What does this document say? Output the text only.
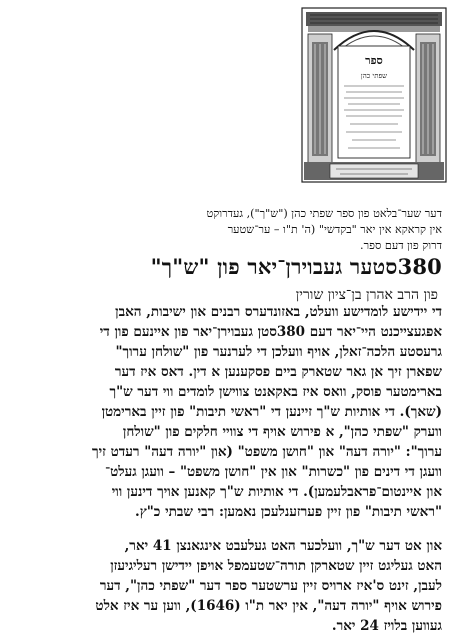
ספר
שפתי כהן
דער שער־בלאט פון ספר שפתי כהן ("ש"ך"), געדרוקט
אין קראקא אין יאר "בקדשי" (ה' ת"ו – ער־שטער
דרוק פון דעם ספר.
380סטער געבוירן־יאר פון "ש"ך"
פון הרב אהרן בן־ציון שורין
די יידישע לומדישע וועלט, באזונדערס רבנים און ישיבות, האבן
אפגעצייכנט היי־יאר דעם 380סטן געבוירן־יאר פון איינעם פון די
גרעסטע הלכה־זאלן, אויף וועלכן די לערנער פון "שולחן ערוך"
שפארן זיך אן גאר שטארק ביים פסקענען א דין. דאס איז דער
בארימטער פוסק, וואס איז באקאנט צווישן לומדים ווי דער ש"ך
(שאך). די אותיות ש"ך זיינען די "ראשי תיבות" פון זיין בארימטן
ווערק "שפתי כהן", א פירוש אויף די צוויי חלקים פון "שולחן
ערוך": "יורה דעה" און "חושן משפט" (און "יורה דעה" רעדט זיך
וועגן די דינים פון "כשרות" און אין "חושן משפט" – וועגן געלט־
און איינטום־פראבלעמען). די אותיות ש"ך קאנען אויך דינען ווי
"ראשי תיבות" פון זיין פערזענלעכן נאמען: רבי שבתי כ"ץ.
און אט דער ש"ך, וועלכער האט געלעבט אינגאנצן 41 יאר,
האט געליגט זיין שטארקן תורה־שטעמפל אויפן יידישן רעליגיעזן
לעבן, זינט ס'איז ארויס זיין ערשטער ספר דער "שפתי כהן", דער
פירוש אויף "יורה דעה", אין יאר ת"ו (1646), ווען ער איז אלט
געווען בלויז 24 יאר.
